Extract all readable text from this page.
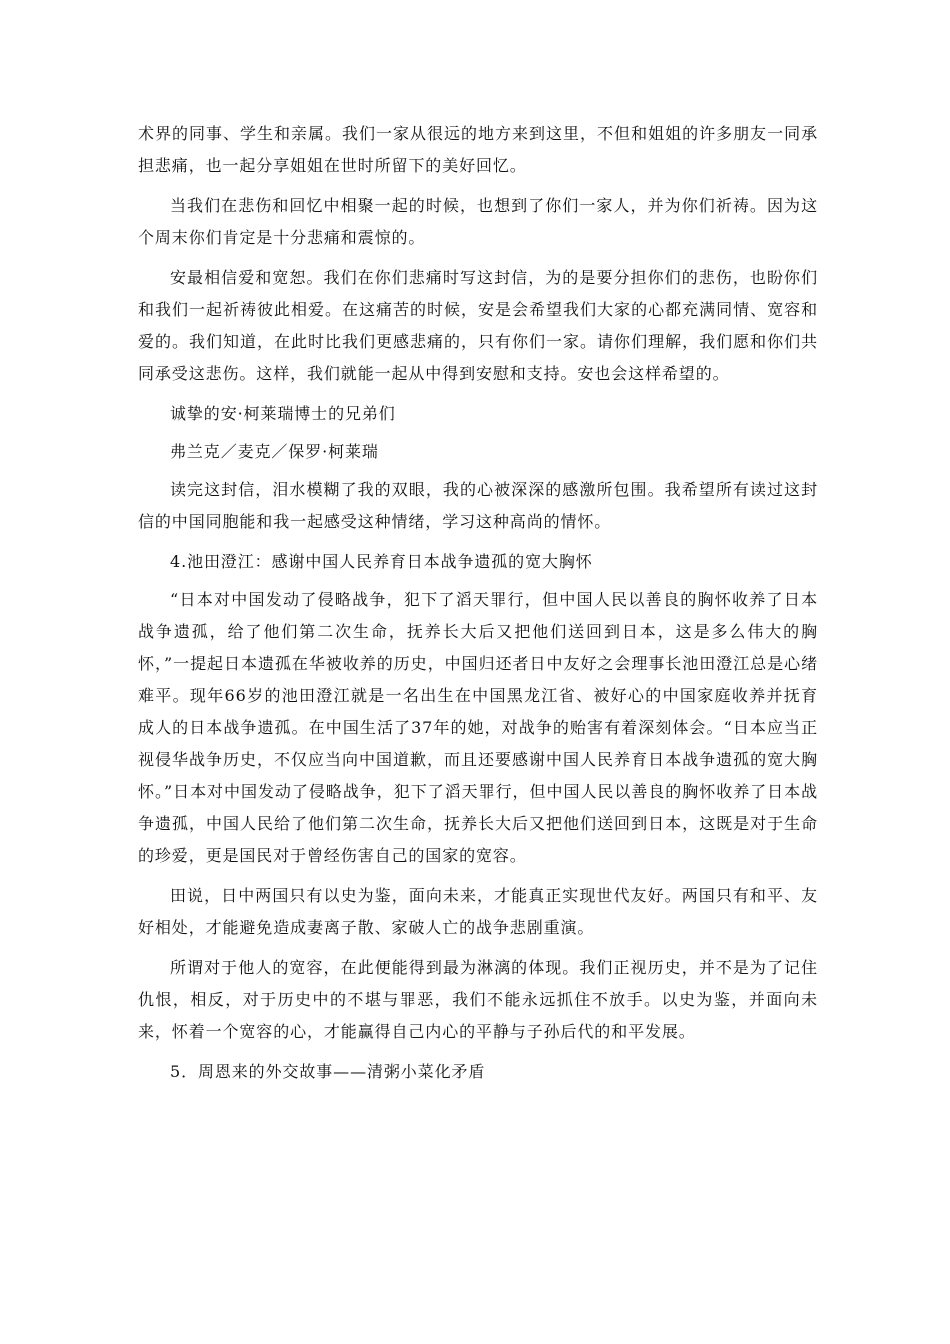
术界的同事、学生和亲属。我们一家从很远的地方来到这里，不但和姐姐的许多朋友一同承担悲痛，也一起分享姐姐在世时所留下的美好回忆。

当我们在悲伤和回忆中相聚一起的时候，也想到了你们一家人，并为你们祈祷。因为这个周末你们肯定是十分悲痛和震惊的。

安最相信爱和宽恕。我们在你们悲痛时写这封信，为的是要分担你们的悲伤，也盼你们和我们一起祈祷彼此相爱。在这痛苦的时候，安是会希望我们大家的心都充满同情、宽容和爱的。我们知道，在此时比我们更感悲痛的，只有你们一家。请你们理解，我们愿和你们共同承受这悲伤。这样，我们就能一起从中得到安慰和支持。安也会这样希望的。

诚挚的安·柯莱瑞博士的兄弟们

弗兰克／麦克／保罗·柯莱瑞

读完这封信，泪水模糊了我的双眼，我的心被深深的感激所包围。我希望所有读过这封信的中国同胞能和我一起感受这种情绪，学习这种高尚的情怀。

4.池田澄江：感谢中国人民养育日本战争遗孤的宽大胸怀

“日本对中国发动了侵略战争，犯下了滔天罪行，但中国人民以善良的胸怀收养了日本战争遗孤，给了他们第二次生命，抚养长大后又把他们送回到日本，这是多么伟大的胸怀，”一提起日本遗孤在华被收养的历史，中国归还者日中友好之会理事长池田澄江总是心绪难平。现年66岁的池田澄江就是一名出生在中国黑龙江省、被好心的中国家庭收养并抚育成人的日本战争遗孤。在中国生活了37年的她，对战争的贻害有着深刻体会。“日本应当正视侵华战争历史，不仅应当向中国道歉，而且还要感谢中国人民养育日本战争遗孤的宽大胸怀。”日本对中国发动了侵略战争，犯下了滔天罪行，但中国人民以善良的胸怀收养了日本战争遗孤，中国人民给了他们第二次生命，抚养长大后又把他们送回到日本，这既是对于生命的珍爱，更是国民对于曾经伤害自己的国家的宽容。

田说，日中两国只有以史为鉴，面向未来，才能真正实现世代友好。两国只有和平、友好相处，才能避免造成妻离子散、家破人亡的战争悲剧重演。

所谓对于他人的宽容，在此便能得到最为淋漓的体现。我们正视历史，并不是为了记住仇恨，相反，对于历史中的不堪与罪恶，我们不能永远抓住不放手。以史为鉴，并面向未来，怀着一个宽容的心，才能赢得自己内心的平静与子孙后代的和平发展。

5．周恩来的外交故事——清粥小菜化矛盾
